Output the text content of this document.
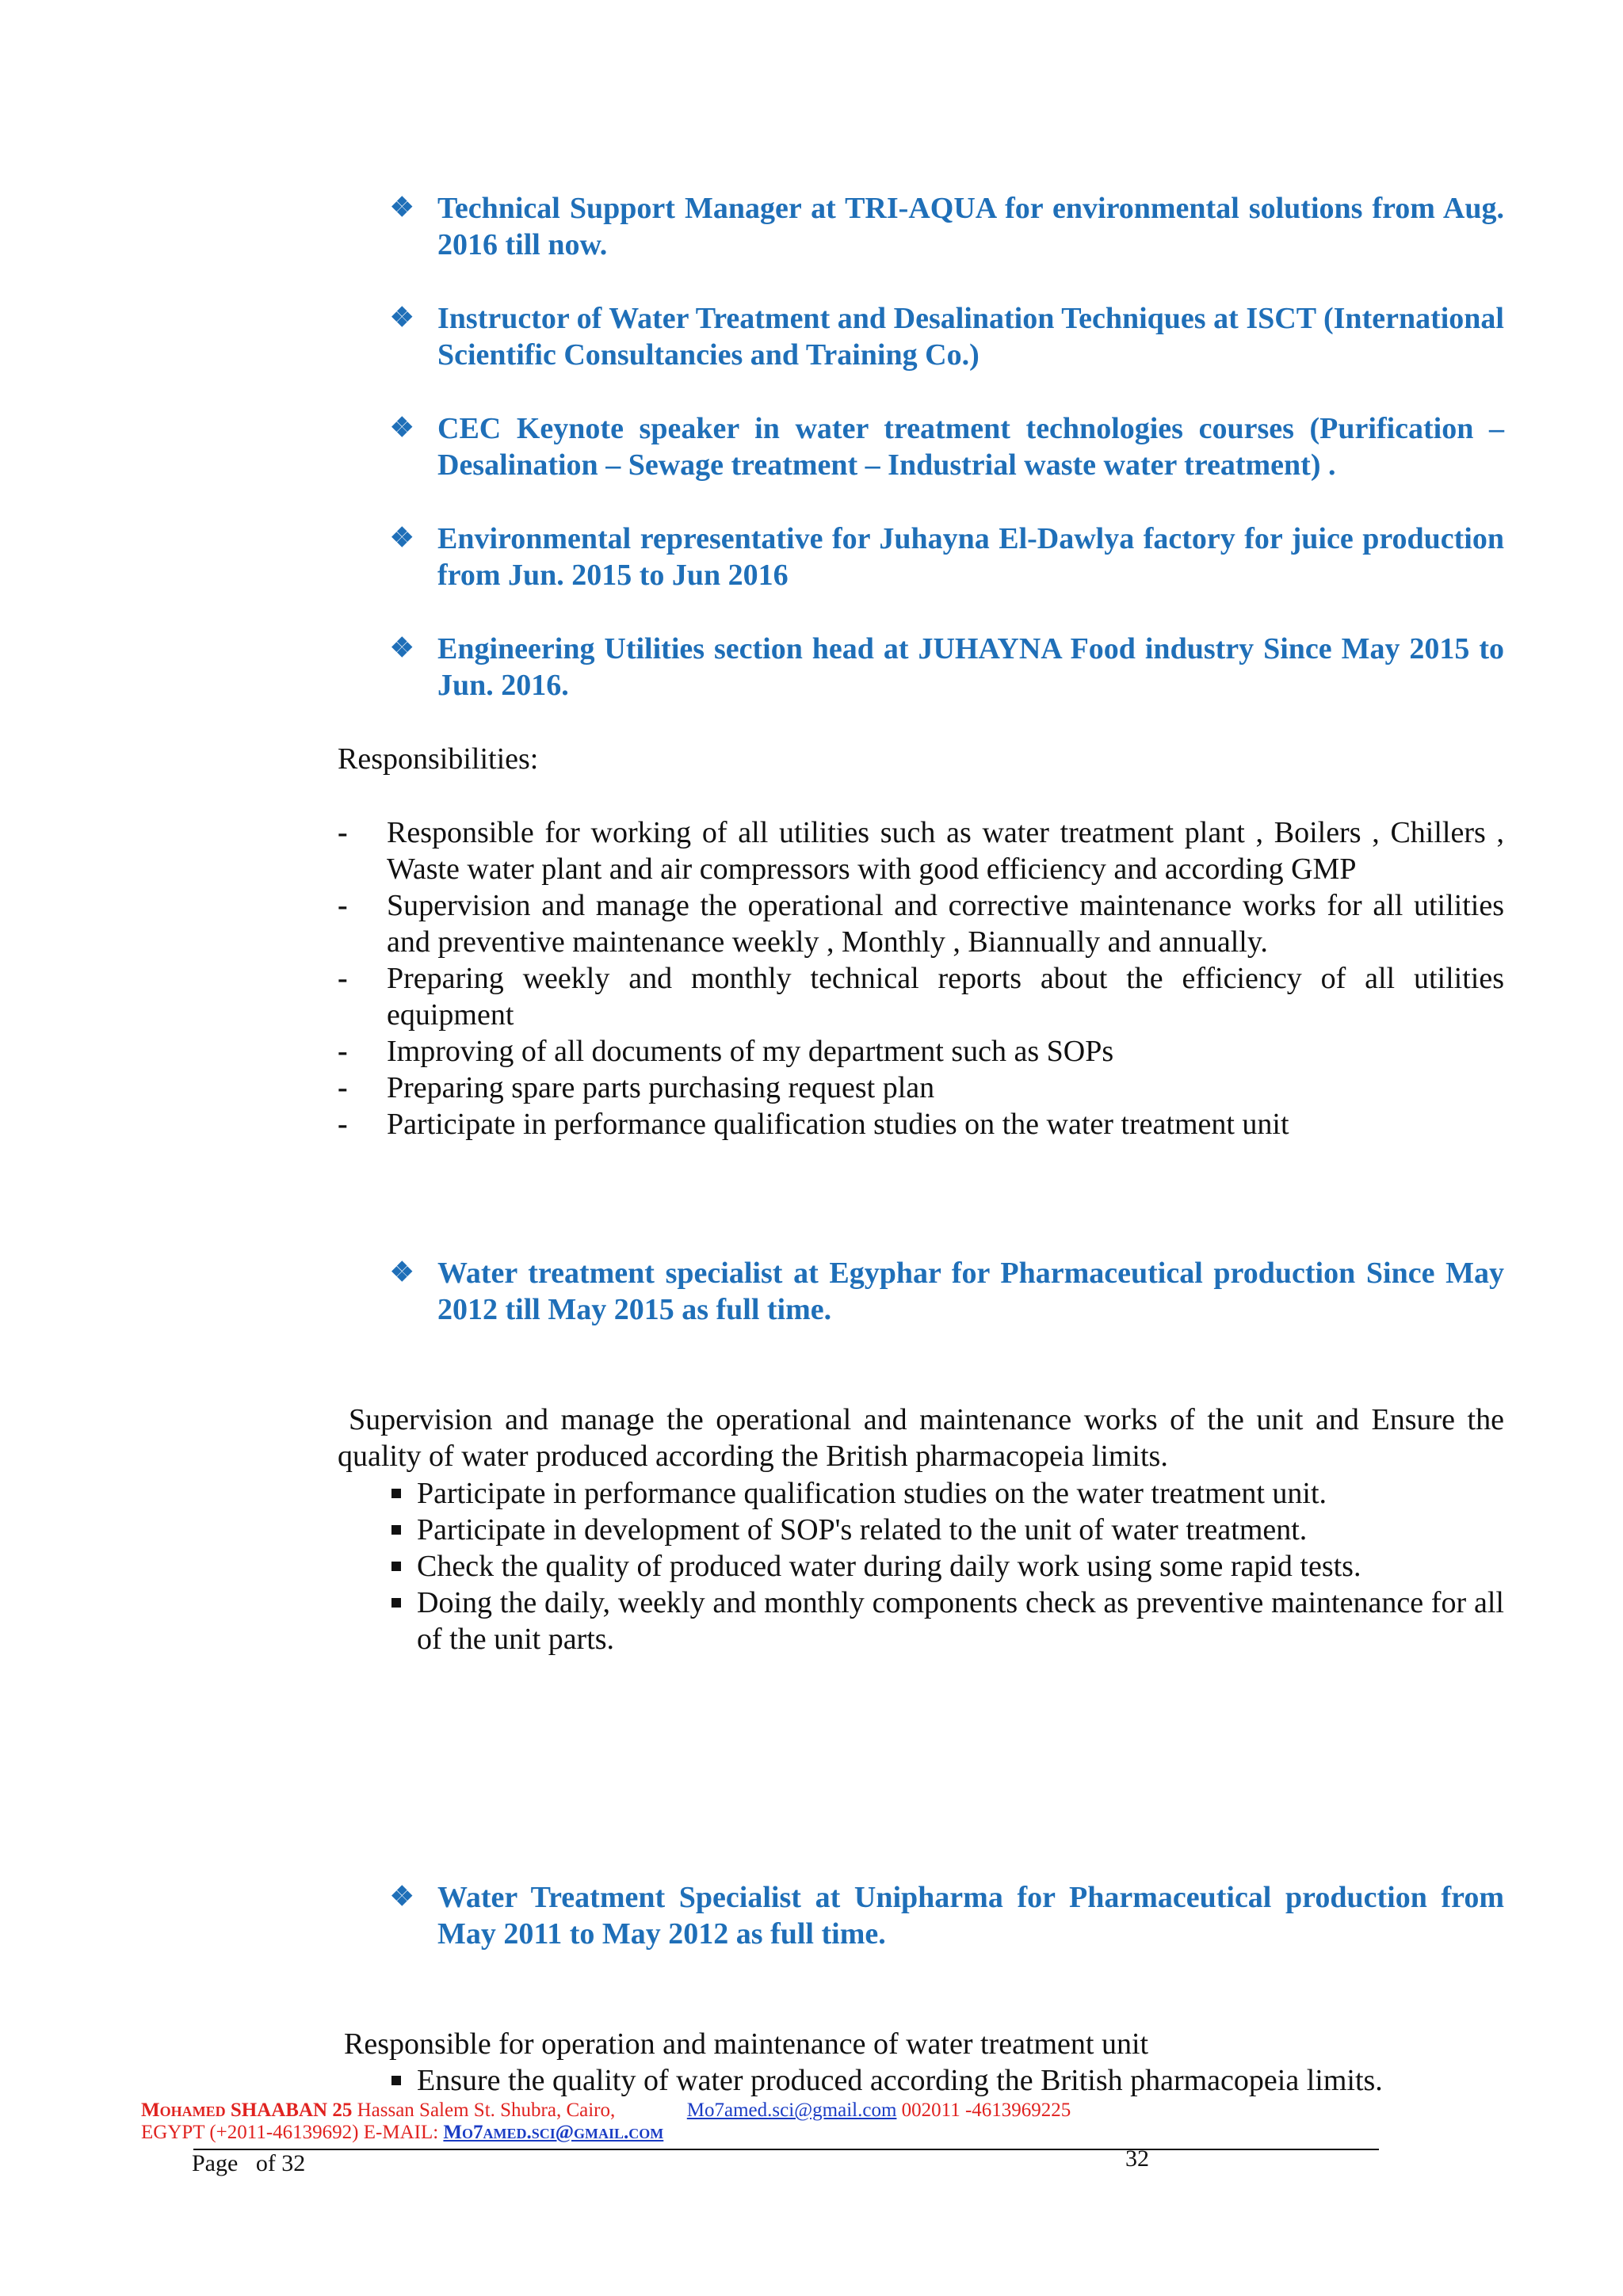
❖ Technical Support Manager at TRI-AQUA for environmental solutions from Aug. 2016 till now.
❖ Instructor of Water Treatment and Desalination Techniques at ISCT (International Scientific Consultancies and Training Co.)
❖ CEC Keynote speaker in water treatment technologies courses (Purification – Desalination – Sewage treatment – Industrial waste water treatment) .
❖ Environmental representative for Juhayna El-Dawlya factory for juice production from Jun. 2015 to Jun 2016
❖ Engineering Utilities section head at JUHAYNA Food industry Since May 2015 to Jun. 2016.
Responsibilities:
- Responsible for working of all utilities such as water treatment plant , Boilers , Chillers , Waste water plant and air compressors with good efficiency and according GMP
- Supervision and manage the operational and corrective maintenance works for all utilities and preventive maintenance weekly , Monthly , Biannually and annually.
- Preparing weekly and monthly technical reports about the efficiency of all utilities equipment
- Improving of all documents of my department such as SOPs
- Preparing spare parts purchasing request plan
- Participate in performance qualification studies on the water treatment unit
❖ Water treatment specialist at Egyphar for Pharmaceutical production Since May 2012 till May 2015 as full time.
Supervision and manage the operational and maintenance works of the unit and Ensure the quality of water produced according the British pharmacopeia limits.
Participate in performance qualification studies on the water treatment unit.
Participate in development of SOP's related to the unit of water treatment.
Check the quality of produced water during daily work using some rapid tests.
Doing the daily, weekly and monthly components check as preventive maintenance for all of the unit parts.
❖ Water Treatment Specialist at Unipharma for Pharmaceutical production from May 2011 to May 2012 as full time.
Responsible for operation and maintenance of water treatment unit
Ensure the quality of water produced according the British pharmacopeia limits.
Mohamed SHAABAN 25 Hassan Salem St. Shubra, Cairo,	Mo7amed.sci@gmail.com 002011 -4613969225
EGYPT (+2011-46139692) E-MAIL: Mo7amed.sci@gmail.com
Page   of 32	32
